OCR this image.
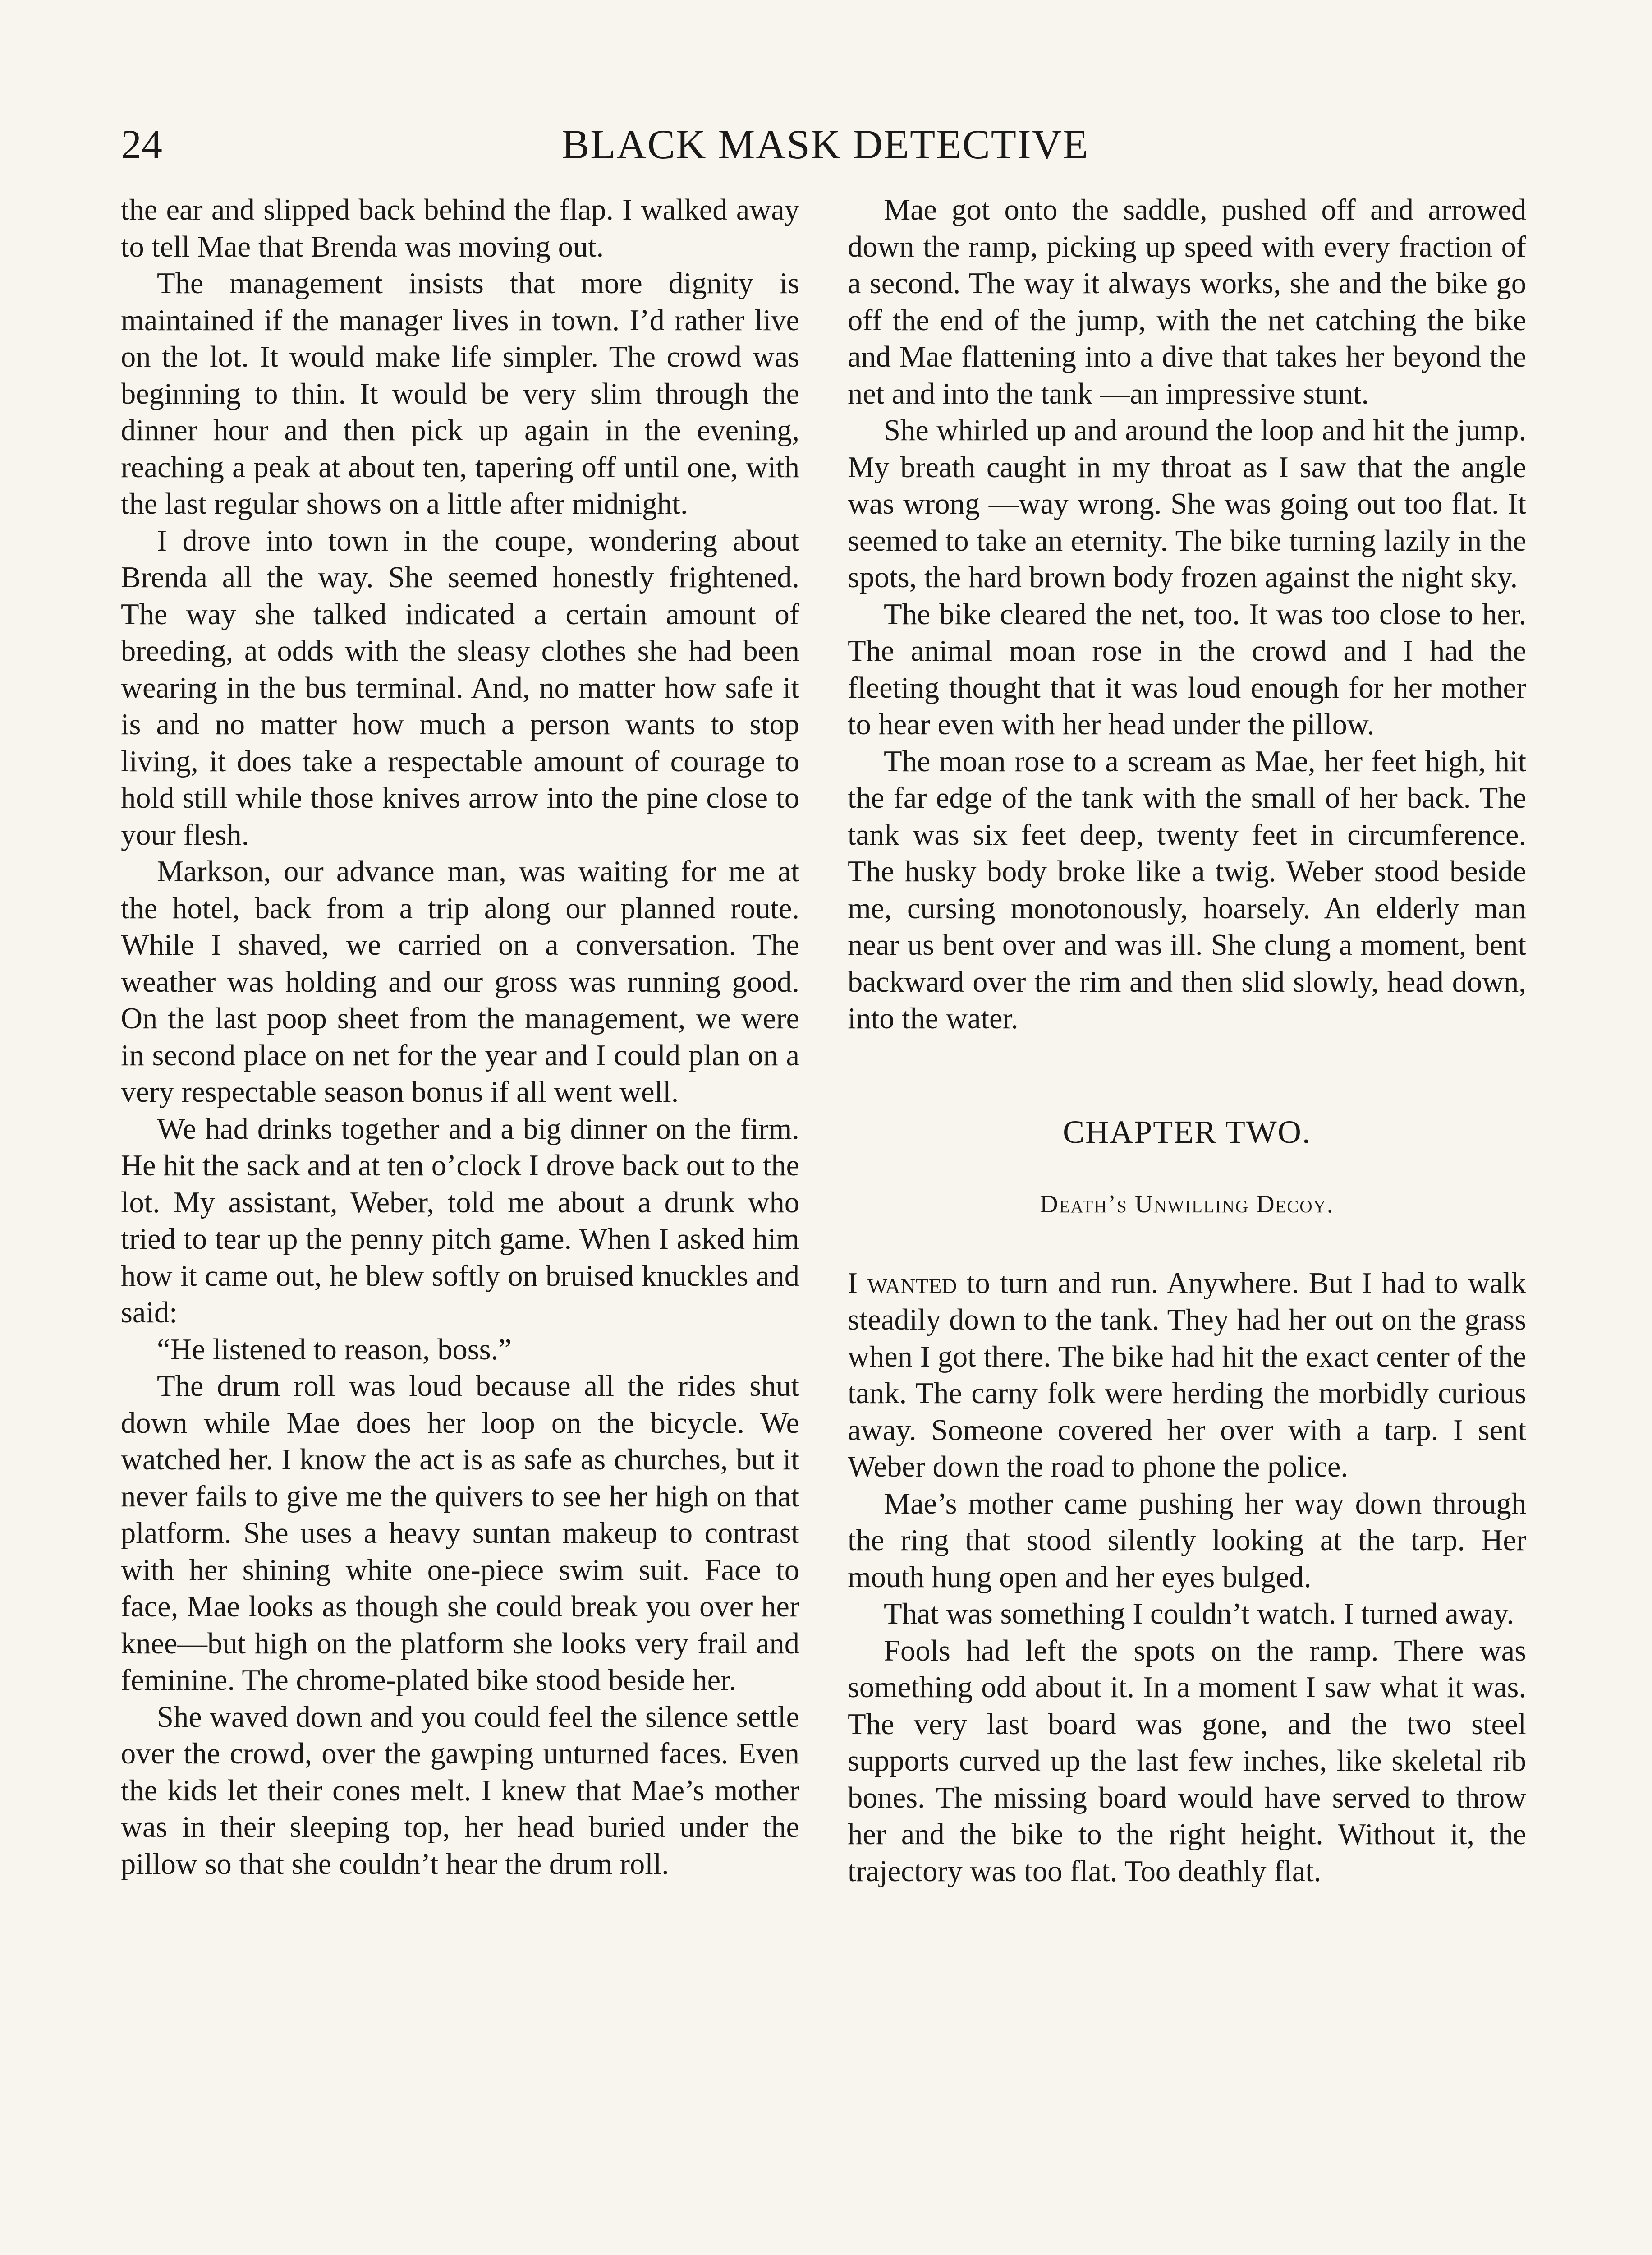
24	BLACK MASK DETECTIVE

the ear and slipped back behind the flap. I walked away to tell Mae that Brenda was moving out.

The management insists that more dignity is maintained if the manager lives in town. I’d rather live on the lot. It would make life simpler. The crowd was beginning to thin. It would be very slim through the dinner hour and then pick up again in the evening, reaching a peak at about ten, tapering off until one, with the last regular shows on a little after midnight.

I drove into town in the coupe, wondering about Brenda all the way. She seemed honestly frightened. The way she talked indicated a certain amount of breeding, at odds with the sleasy clothes she had been wearing in the bus terminal. And, no matter how safe it is and no matter how much a person wants to stop living, it does take a respectable amount of courage to hold still while those knives arrow into the pine close to your flesh.

Markson, our advance man, was waiting for me at the hotel, back from a trip along our planned route. While I shaved, we carried on a conversation. The weather was holding and our gross was running good. On the last poop sheet from the management, we were in second place on net for the year and I could plan on a very respectable season bonus if all went well.

We had drinks together and a big dinner on the firm. He hit the sack and at ten o’clock I drove back out to the lot. My assistant, Weber, told me about a drunk who tried to tear up the penny pitch game. When I asked him how it came out, he blew softly on bruised knuckles and said:

“He listened to reason, boss.”

The drum roll was loud because all the rides shut down while Mae does her loop on the bicycle. We watched her. I know the act is as safe as churches, but it never fails to give me the quivers to see her high on that platform. She uses a heavy suntan makeup to contrast with her shining white one-piece swim suit. Face to face, Mae looks as though she could break you over her knee—but high on the platform she looks very frail and feminine. The chrome-plated bike stood beside her.

She waved down and you could feel the silence settle over the crowd, over the gawping unturned faces. Even the kids let their cones melt. I knew that Mae’s mother was in their sleeping top, her head buried under the pillow so that she couldn’t hear the drum roll.

Mae got onto the saddle, pushed off and arrowed down the ramp, picking up speed with every fraction of a second. The way it always works, she and the bike go off the end of the jump, with the net catching the bike and Mae flattening into a dive that takes her beyond the net and into the tank —an impressive stunt.

She whirled up and around the loop and hit the jump. My breath caught in my throat as I saw that the angle was wrong —way wrong. She was going out too flat. It seemed to take an eternity. The bike turning lazily in the spots, the hard brown body frozen against the night sky.

The bike cleared the net, too. It was too close to her. The animal moan rose in the crowd and I had the fleeting thought that it was loud enough for her mother to hear even with her head under the pillow.

The moan rose to a scream as Mae, her feet high, hit the far edge of the tank with the small of her back. The tank was six feet deep, twenty feet in circumference. The husky body broke like a twig. Weber stood beside me, cursing monotonously, hoarsely. An elderly man near us bent over and was ill. She clung a moment, bent backward over the rim and then slid slowly, head down, into the water.

CHAPTER TWO.
Death’s Unwilling Decoy.

I wanted to turn and run. Anywhere. But I had to walk steadily down to the tank. They had her out on the grass when I got there. The bike had hit the exact center of the tank. The carny folk were herding the morbidly curious away. Someone covered her over with a tarp. I sent Weber down the road to phone the police.

Mae’s mother came pushing her way down through the ring that stood silently looking at the tarp. Her mouth hung open and her eyes bulged.

That was something I couldn’t watch. I turned away.

Fools had left the spots on the ramp. There was something odd about it. In a moment I saw what it was. The very last board was gone, and the two steel supports curved up the last few inches, like skeletal rib bones. The missing board would have served to throw her and the bike to the right height. Without it, the trajectory was too flat. Too deathly flat.
